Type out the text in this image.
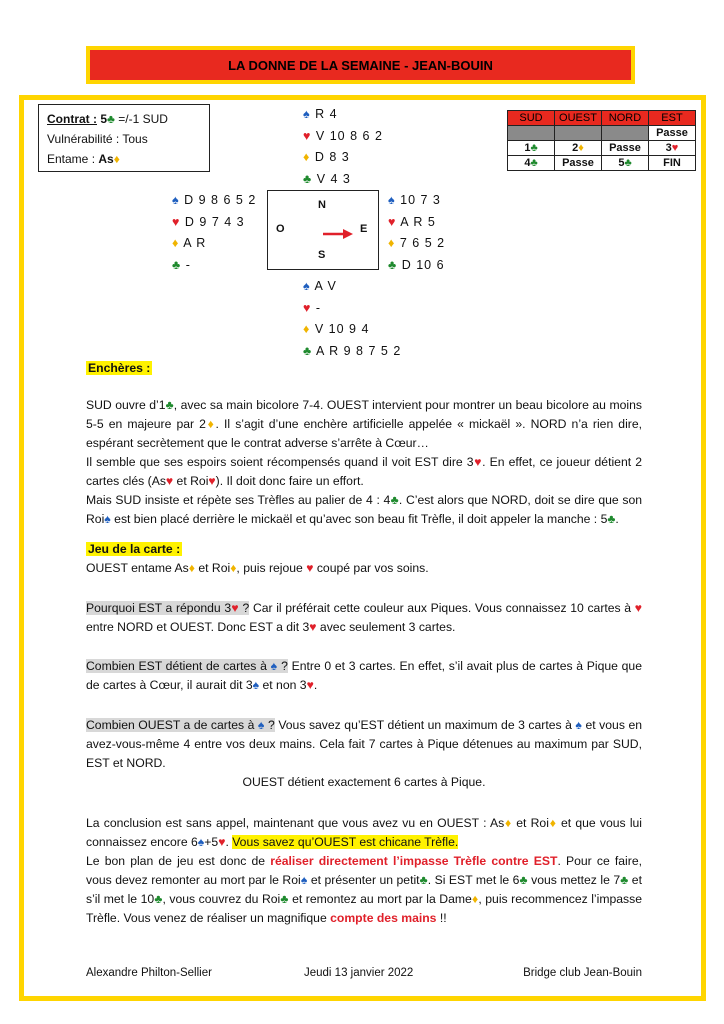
LA DONNE DE LA SEMAINE - JEAN-BOUIN
Contrat : 5♣ =/-1 SUD
Vulnérabilité : Tous
Entame : As♦
♠ R 4
♥ V 10 8 6 2
♦ D 8 3
♣ V 4 3
♠ D 9 8 6 5 2
♥ D 9 7 4 3
♦ A R
♣ -
N
O	E
S
♠ 10 7 3
♥ A R 5
♦ 7 6 5 2
♣ D 10 6
♠ A V
♥ -
♦ V 10 9 4
♣ A R 9 8 7 5 2
SUD	OUEST	NORD	EST
			Passe
1♣	2♦	Passe	3♥
4♣	Passe	5♣	FIN
Enchères :
SUD ouvre d’1♣, avec sa main bicolore 7-4. OUEST intervient pour montrer un beau bicolore au moins 5-5 en majeure par 2♦. Il s’agit d’une enchère artificielle appelée « mickaël ». NORD n’a rien dire, espérant secrètement que le contrat adverse s’arrête à Cœur…
Il semble que ses espoirs soient récompensés quand il voit EST dire 3♥. En effet, ce joueur détient 2 cartes clés (As♥ et Roi♥). Il doit donc faire un effort.
Mais SUD insiste et répète ses Trèfles au palier de 4 : 4♣. C’est alors que NORD, doit se dire que son Roi♠ est bien placé derrière le mickaël et qu’avec son beau fit Trèfle, il doit appeler la manche : 5♣.
Jeu de la carte :
OUEST entame As♦ et Roi♦, puis rejoue ♥ coupé par vos soins.
Pourquoi EST a répondu 3♥ ? Car il préférait cette couleur aux Piques. Vous connaissez 10 cartes à ♥ entre NORD et OUEST. Donc EST a dit 3♥ avec seulement 3 cartes.
Combien EST détient de cartes à ♠ ? Entre 0 et 3 cartes. En effet, s’il avait plus de cartes à Pique que de cartes à Cœur, il aurait dit 3♠ et non 3♥.
Combien OUEST a de cartes à ♠ ? Vous savez qu’EST détient un maximum de 3 cartes à ♠ et vous en avez-vous-même 4 entre vos deux mains. Cela fait 7 cartes à Pique détenues au maximum par SUD, EST et NORD.

OUEST détient exactement 6 cartes à Pique.
La conclusion est sans appel, maintenant que vous avez vu en OUEST : As♦ et Roi♦ et que vous lui connaissez encore 6♠+5♥. Vous savez qu’OUEST est chicane Trèfle.
Le bon plan de jeu est donc de réaliser directement l’impasse Trèfle contre EST. Pour ce faire, vous devez remonter au mort par le Roi♠ et présenter un petit♣. Si EST met le 6♣ vous mettez le 7♣ et s’il met le 10♣, vous couvrez du Roi♣ et remontez au mort par la Dame♦, puis recommencez l’impasse Trèfle. Vous venez de réaliser un magnifique compte des mains !!
Alexandre Philton-Sellier	Jeudi 13 janvier 2022	Bridge club Jean-Bouin
